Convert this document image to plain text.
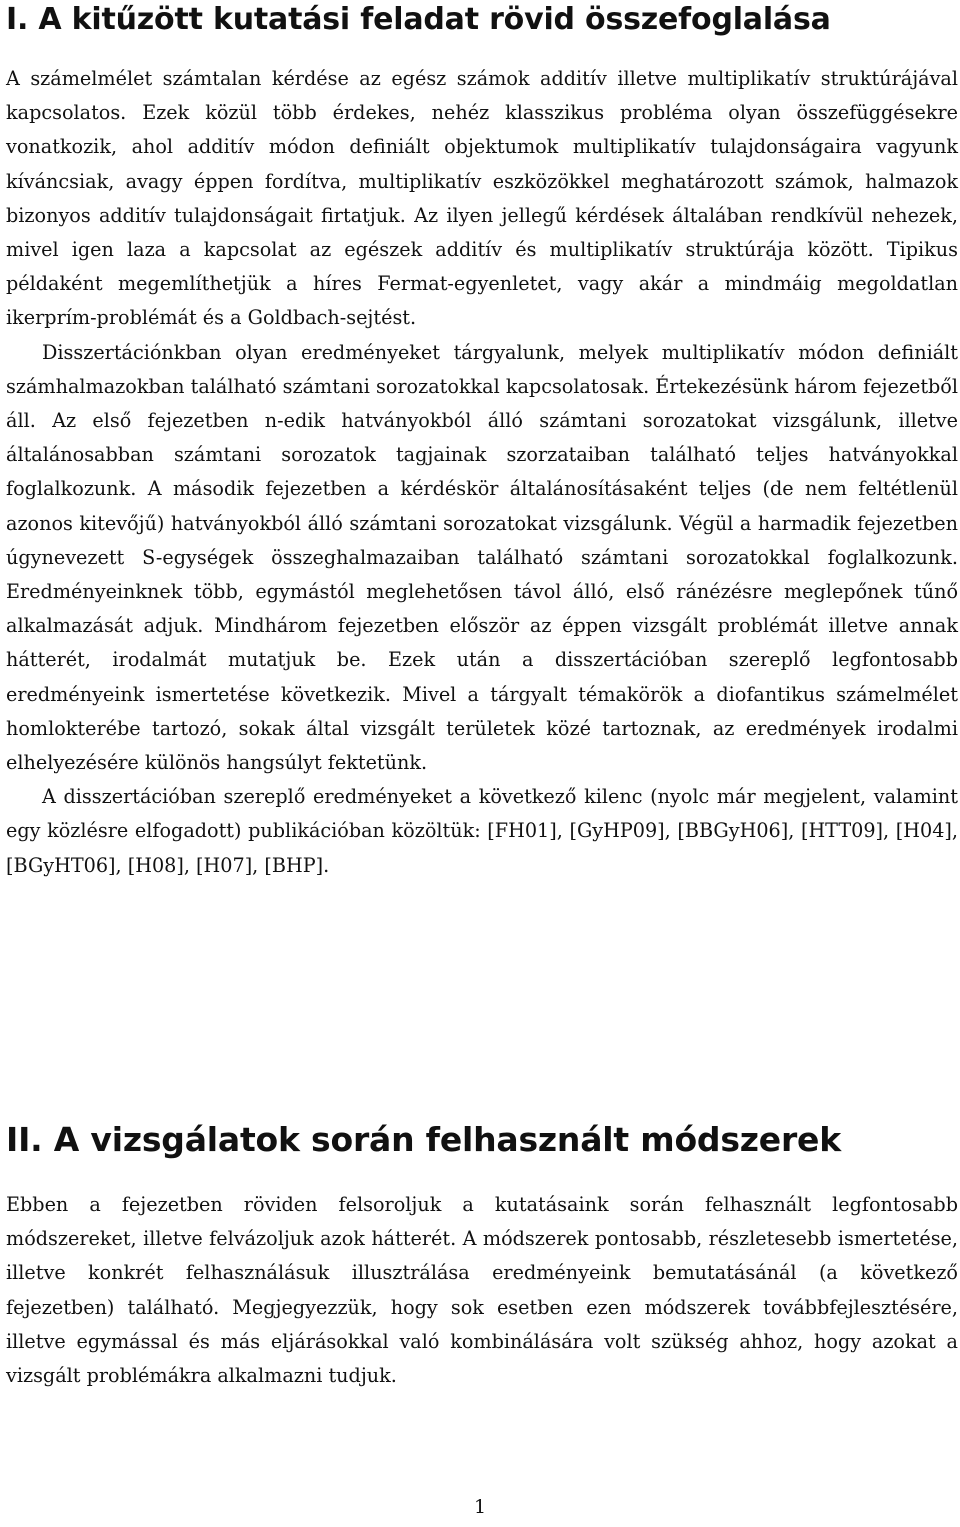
I. A kitűzött kutatási feladat rövid összefoglalása

A számelmélet számtalan kérdése az egész számok additív illetve multiplikatív struktúrájával kapcsolatos. Ezek közül több érdekes, nehéz klasszikus probléma olyan összefüggésekre vonatkozik, ahol additív módon definiált objektumok multiplikatív tulajdonságaira vagyunk kíváncsiak, avagy éppen fordítva, multiplikatív eszközökkel meghatározott számok, halmazok bizonyos additív tulajdonságait firtatjuk. Az ilyen jellegű kérdések általában rendkívül nehezek, mivel igen laza a kapcsolat az egészek additív és multiplikatív struktúrája között. Tipikus példaként megemlíthetjük a híres Fermat-egyenletet, vagy akár a mindmáig megoldatlan ikerprím-problémát és a Goldbach-sejtést.

Disszertációnkban olyan eredményeket tárgyalunk, melyek multiplikatív módon definiált számhalmazokban található számtani sorozatokkal kapcsolatosak. Értekezésünk három fejezetből áll. Az első fejezetben n-edik hatványokból álló számtani sorozatokat vizsgálunk, illetve általánosabban számtani sorozatok tagjainak szorzataiban található teljes hatványokkal foglalkozunk. A második fejezetben a kérdéskör általánosításaként teljes (de nem feltétlenül azonos kitevőjű) hatványokból álló számtani sorozatokat vizsgálunk. Végül a harmadik fejezetben úgynevezett S-egységek összeghalmazaiban található számtani sorozatokkal foglalkozunk. Eredményeinknek több, egymástól meglehetősen távol álló, első ránézésre meglepőnek tűnő alkalmazását adjuk. Mindhárom fejezetben először az éppen vizsgált problémát illetve annak hátterét, irodalmát mutatjuk be. Ezek után a disszertációban szereplő legfontosabb eredményeink ismertetése következik. Mivel a tárgyalt témakörök a diofantikus számelmélet homlokterébe tartozó, sokak által vizsgált területek közé tartoznak, az eredmények irodalmi elhelyezésére különös hangsúlyt fektetünk.

A disszertációban szereplő eredményeket a következő kilenc (nyolc már megjelent, valamint egy közlésre elfogadott) publikációban közöltük: [FH01], [GyHP09], [BBGyH06], [HTT09], [H04], [BGyHT06], [H08], [H07], [BHP].

II. A vizsgálatok során felhasznált módszerek

Ebben a fejezetben röviden felsoroljuk a kutatásaink során felhasznált legfontosabb módszereket, illetve felvázoljuk azok hátterét. A módszerek pontosabb, részletesebb ismertetése, illetve konkrét felhasználásuk illusztrálása eredményeink bemutatásánál (a következő fejezetben) található. Megjegyezzük, hogy sok esetben ezen módszerek továbbfejlesztésére, illetve egymással és más eljárásokkal való kombinálására volt szükség ahhoz, hogy azokat a vizsgált problémákra alkalmazni tudjuk.

1
